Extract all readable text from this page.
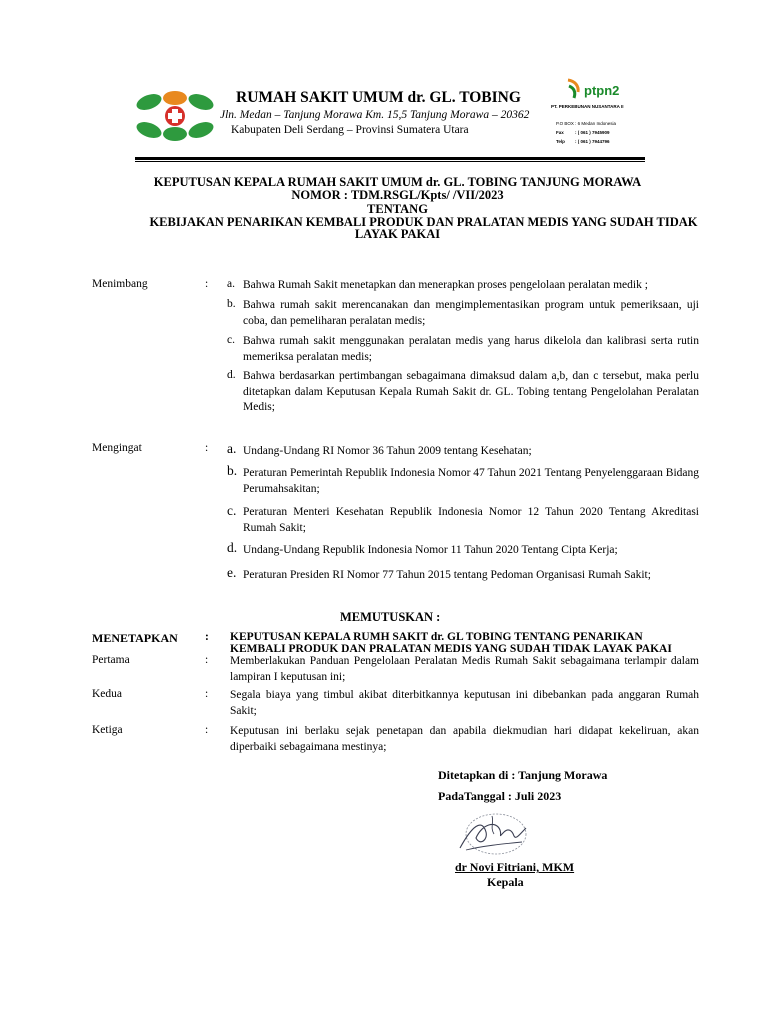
RUMAH SAKIT UMUM dr. GL. TOBING
Jln. Medan – Tanjung Morawa Km. 15,5 Tanjung Morawa – 20362
Kabupaten Deli Serdang – Provinsi Sumatera Utara
ptpn2
PT. PERKEBUNAN NUSANTARA II
P.O BOX : 6 Medan Indonesia
Fax : ( 061 ) 7945909
Telp : ( 061 ) 7944796
KEPUTUSAN KEPALA RUMAH SAKIT UMUM dr. GL. TOBING TANJUNG MORAWA
NOMOR : TDM.RSGL/Kpts/ /VII/2023
TENTANG
KEBIJAKAN PENARIKAN KEMBALI PRODUK DAN PRALATAN MEDIS YANG SUDAH TIDAK
LAYAK PAKAI
Menimbang	: a. Bahwa Rumah Sakit menetapkan dan menerapkan proses pengelolaan peralatan medik ;
b. Bahwa rumah sakit merencanakan dan mengimplementasikan program untuk pemeriksaan, uji coba, dan pemeliharan peralatan medis;
c. Bahwa rumah sakit menggunakan peralatan medis yang harus dikelola dan kalibrasi serta rutin memeriksa peralatan medis;
d. Bahwa berdasarkan pertimbangan sebagaimana dimaksud dalam a,b, dan c tersebut, maka perlu ditetapkan dalam Keputusan Kepala Rumah Sakit dr. GL. Tobing tentang Pengelolahan Peralatan Medis;
Mengingat	: a. Undang-Undang RI Nomor 36 Tahun 2009 tentang Kesehatan;
b. Peraturan Pemerintah Republik Indonesia Nomor 47 Tahun 2021 Tentang Penyelenggaraan Bidang Perumahsakitan;
c. Peraturan Menteri Kesehatan Republik Indonesia Nomor 12 Tahun 2020 Tentang Akreditasi Rumah Sakit;
d. Undang-Undang Republik Indonesia Nomor 11 Tahun 2020 Tentang Cipta Kerja;
e. Peraturan Presiden RI Nomor 77 Tahun 2015 tentang Pedoman Organisasi Rumah Sakit;
MEMUTUSKAN :
MENETAPKAN : KEPUTUSAN KEPALA RUMH SAKIT dr. GL TOBING TENTANG PENARIKAN KEMBALI PRODUK DAN PRALATAN MEDIS YANG SUDAH TIDAK LAYAK PAKAI
Pertama	: Memberlakukan Panduan Pengelolaan Peralatan Medis Rumah Sakit sebagaimana terlampir dalam lampiran I keputusan ini;
Kedua	: Segala biaya yang timbul akibat diterbitkannya keputusan ini dibebankan pada anggaran Rumah Sakit;
Ketiga	: Keputusan ini berlaku sejak penetapan dan apabila diekmudian hari didapat kekeliruan, akan diperbaiki sebagaimana mestinya;
Ditetapkan di : Tanjung Morawa
PadaTanggal : Juli 2023
dr Novi Fitriani, MKM
Kepala
